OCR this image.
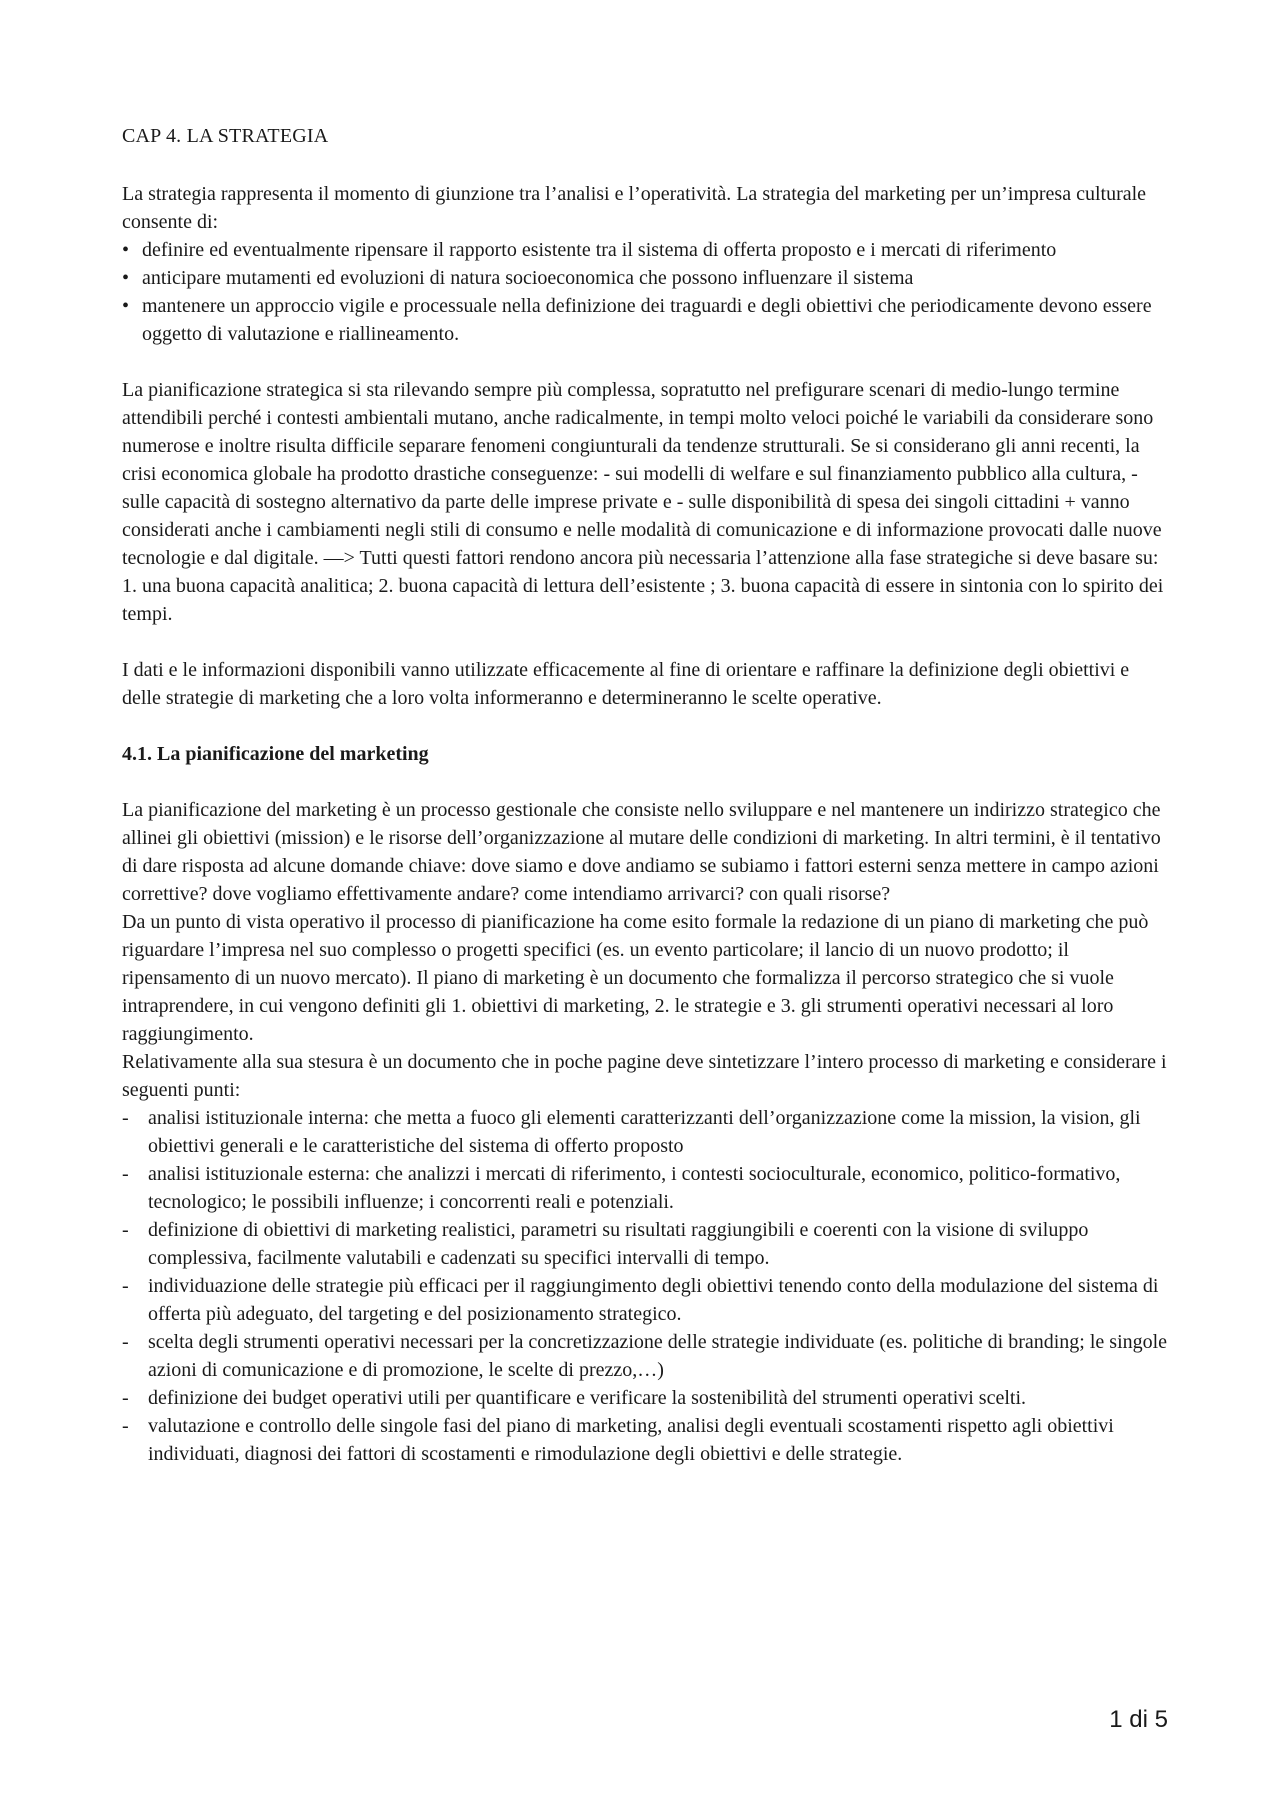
CAP 4. LA STRATEGIA

La strategia rappresenta il momento di giunzione tra l’analisi e l’operatività. La strategia del marketing per un’impresa culturale consente di:

• definire ed eventualmente ripensare il rapporto esistente tra il sistema di offerta proposto e i mercati di riferimento
• anticipare mutamenti ed evoluzioni di natura socioeconomica che possono influenzare il sistema
• mantenere un approccio vigile e processuale nella definizione dei traguardi e degli obiettivi che periodicamente devono essere oggetto di valutazione e riallineamento.

La pianificazione strategica si sta rilevando sempre più complessa, sopratutto nel prefigurare scenari di medio-lungo termine attendibili perché i contesti ambientali mutano, anche radicalmente, in tempi molto veloci poiché le variabili da considerare sono numerose e inoltre risulta difficile separare fenomeni congiunturali da tendenze strutturali. Se si considerano gli anni recenti, la crisi economica globale ha prodotto drastiche conseguenze: - sui modelli di welfare e sul finanziamento pubblico alla cultura, - sulle capacità di sostegno alternativo da parte delle imprese private e - sulle disponibilità di spesa dei singoli cittadini + vanno considerati anche i cambiamenti negli stili di consumo e nelle modalità di comunicazione e di informazione provocati dalle nuove tecnologie e dal digitale. —> Tutti questi fattori rendono ancora più necessaria l’attenzione alla fase strategiche si deve basare su: 1. una buona capacità analitica; 2. buona capacità di lettura dell’esistente ; 3. buona capacità di essere in sintonia con lo spirito dei tempi.

I dati e le informazioni disponibili vanno utilizzate efficacemente al fine di orientare e raffinare la definizione degli obiettivi e delle strategie di marketing che a loro volta informeranno e determineranno le scelte operative.

4.1. La pianificazione del marketing

La pianificazione del marketing è un processo gestionale che consiste nello sviluppare e nel mantenere un indirizzo strategico che allinei gli obiettivi (mission) e le risorse dell’organizzazione al mutare delle condizioni di marketing. In altri termini, è il tentativo di dare risposta ad alcune domande chiave: dove siamo e dove andiamo se subiamo i fattori esterni senza mettere in campo azioni correttive? dove vogliamo effettivamente andare? come intendiamo arrivarci? con quali risorse?

Da un punto di vista operativo il processo di pianificazione ha come esito formale la redazione di un piano di marketing che può riguardare l’impresa nel suo complesso o progetti specifici (es. un evento particolare; il lancio di un nuovo prodotto; il ripensamento di un nuovo mercato). Il piano di marketing è un documento che formalizza il percorso strategico che si vuole intraprendere, in cui vengono definiti gli 1. obiettivi di marketing, 2. le strategie e 3. gli strumenti operativi necessari al loro raggiungimento.

Relativamente alla sua stesura è un documento che in poche pagine deve sintetizzare l’intero processo di marketing e considerare i seguenti punti:

- analisi istituzionale interna: che metta a fuoco gli elementi caratterizzanti dell’organizzazione come la mission, la vision, gli obiettivi generali e le caratteristiche del sistema di offerto proposto
- analisi istituzionale esterna: che analizzi i mercati di riferimento, i contesti socioculturale, economico, politico-formativo, tecnologico; le possibili influenze; i concorrenti reali e potenziali.
- definizione di obiettivi di marketing realistici, parametri su risultati raggiungibili e coerenti con la visione di sviluppo complessiva, facilmente valutabili e cadenzati su specifici intervalli di tempo.
- individuazione delle strategie più efficaci per il raggiungimento degli obiettivi tenendo conto della modulazione del sistema di offerta più adeguato, del targeting e del posizionamento strategico.
- scelta degli strumenti operativi necessari per la concretizzazione delle strategie individuate (es. politiche di branding; le singole azioni di comunicazione e di promozione, le scelte di prezzo,…)
- definizione dei budget operativi utili per quantificare e verificare la sostenibilità del strumenti operativi scelti.
- valutazione e controllo delle singole fasi del piano di marketing, analisi degli eventuali scostamenti rispetto agli obiettivi individuati, diagnosi dei fattori di scostamenti e rimodulazione degli obiettivi e delle strategie.
1 di 5
